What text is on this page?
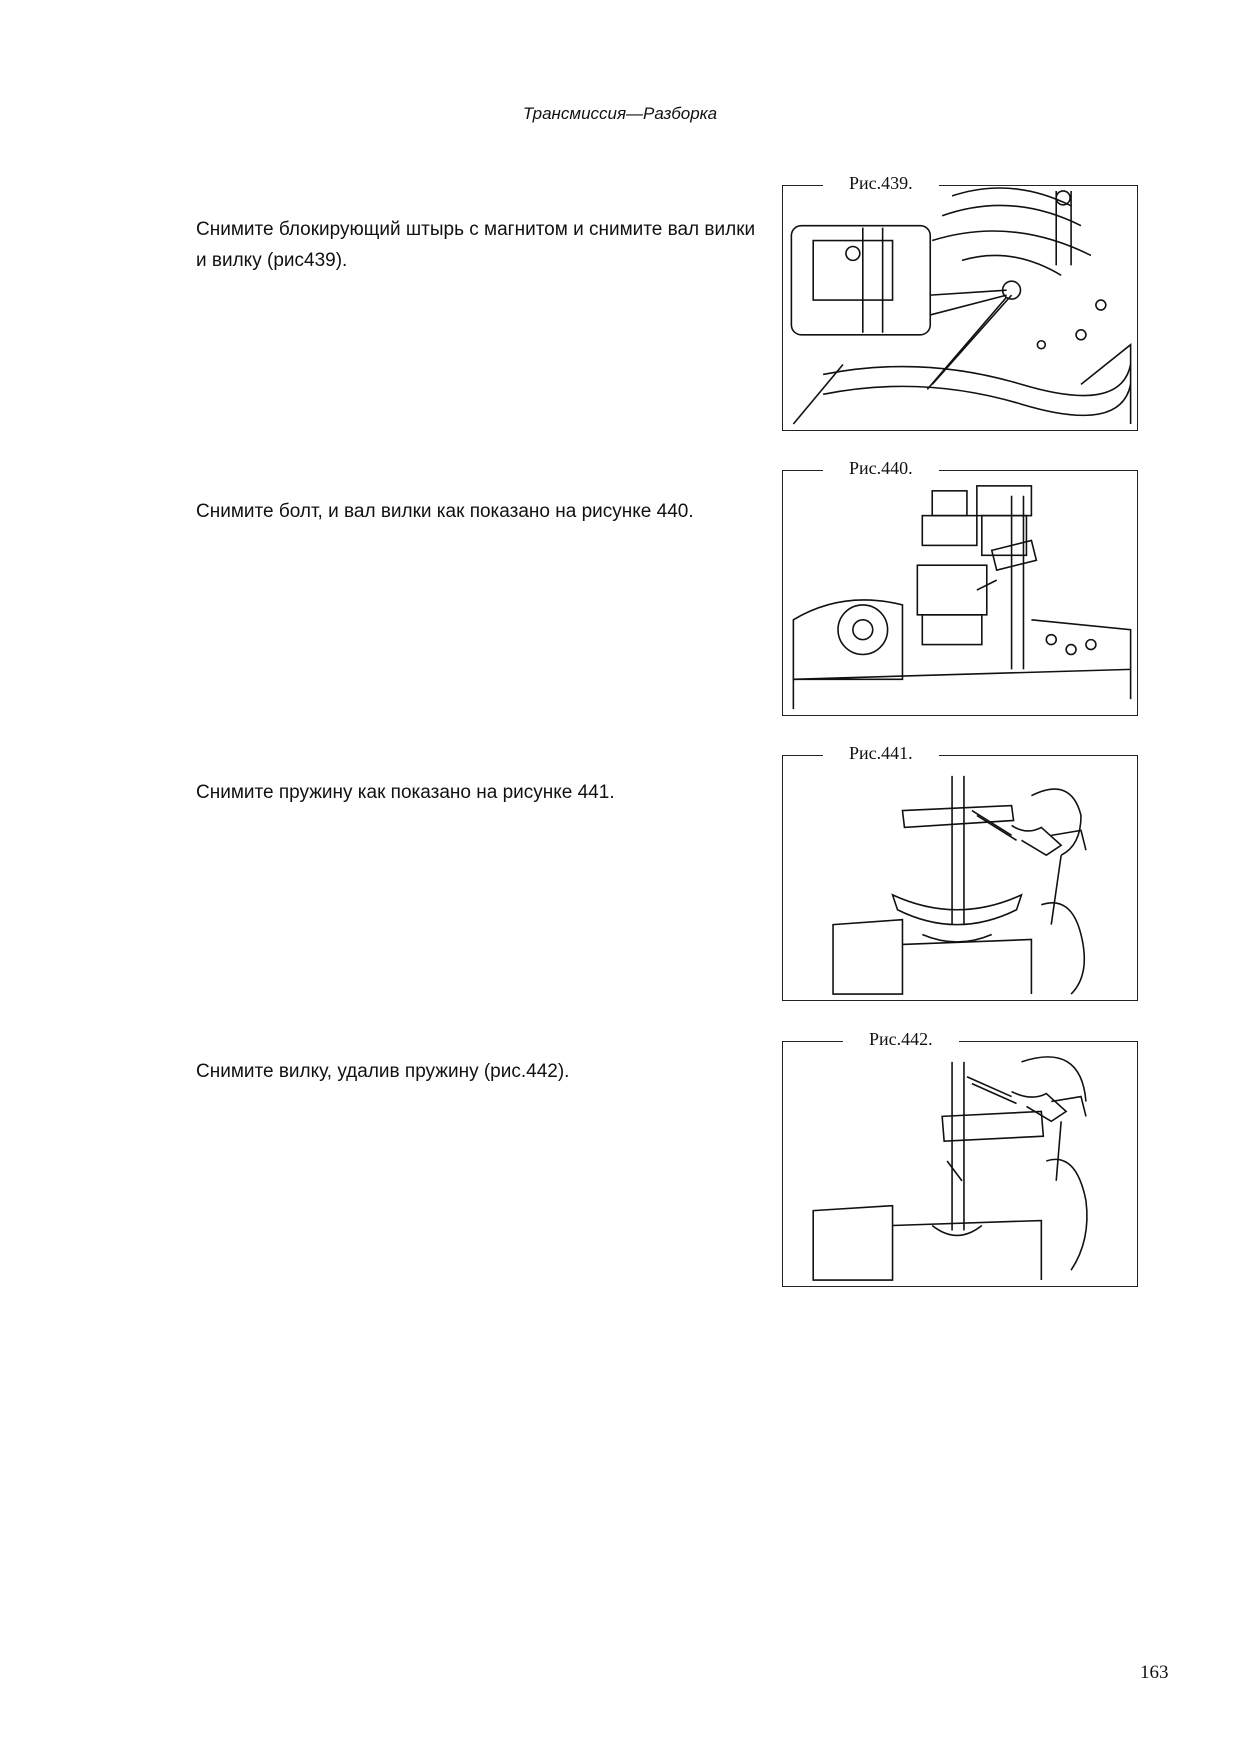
Трансмиссия—Разборка
Снимите блокирующий штырь с магнитом и снимите вал вилки и вилку (рис439).
Рис.439.
Снимите болт, и вал вилки как показано на рисунке 440.
Рис.440.
Снимите пружину как показано на рисунке 441.
Рис.441.
Снимите вилку, удалив пружину (рис.442).
Рис.442.
163
